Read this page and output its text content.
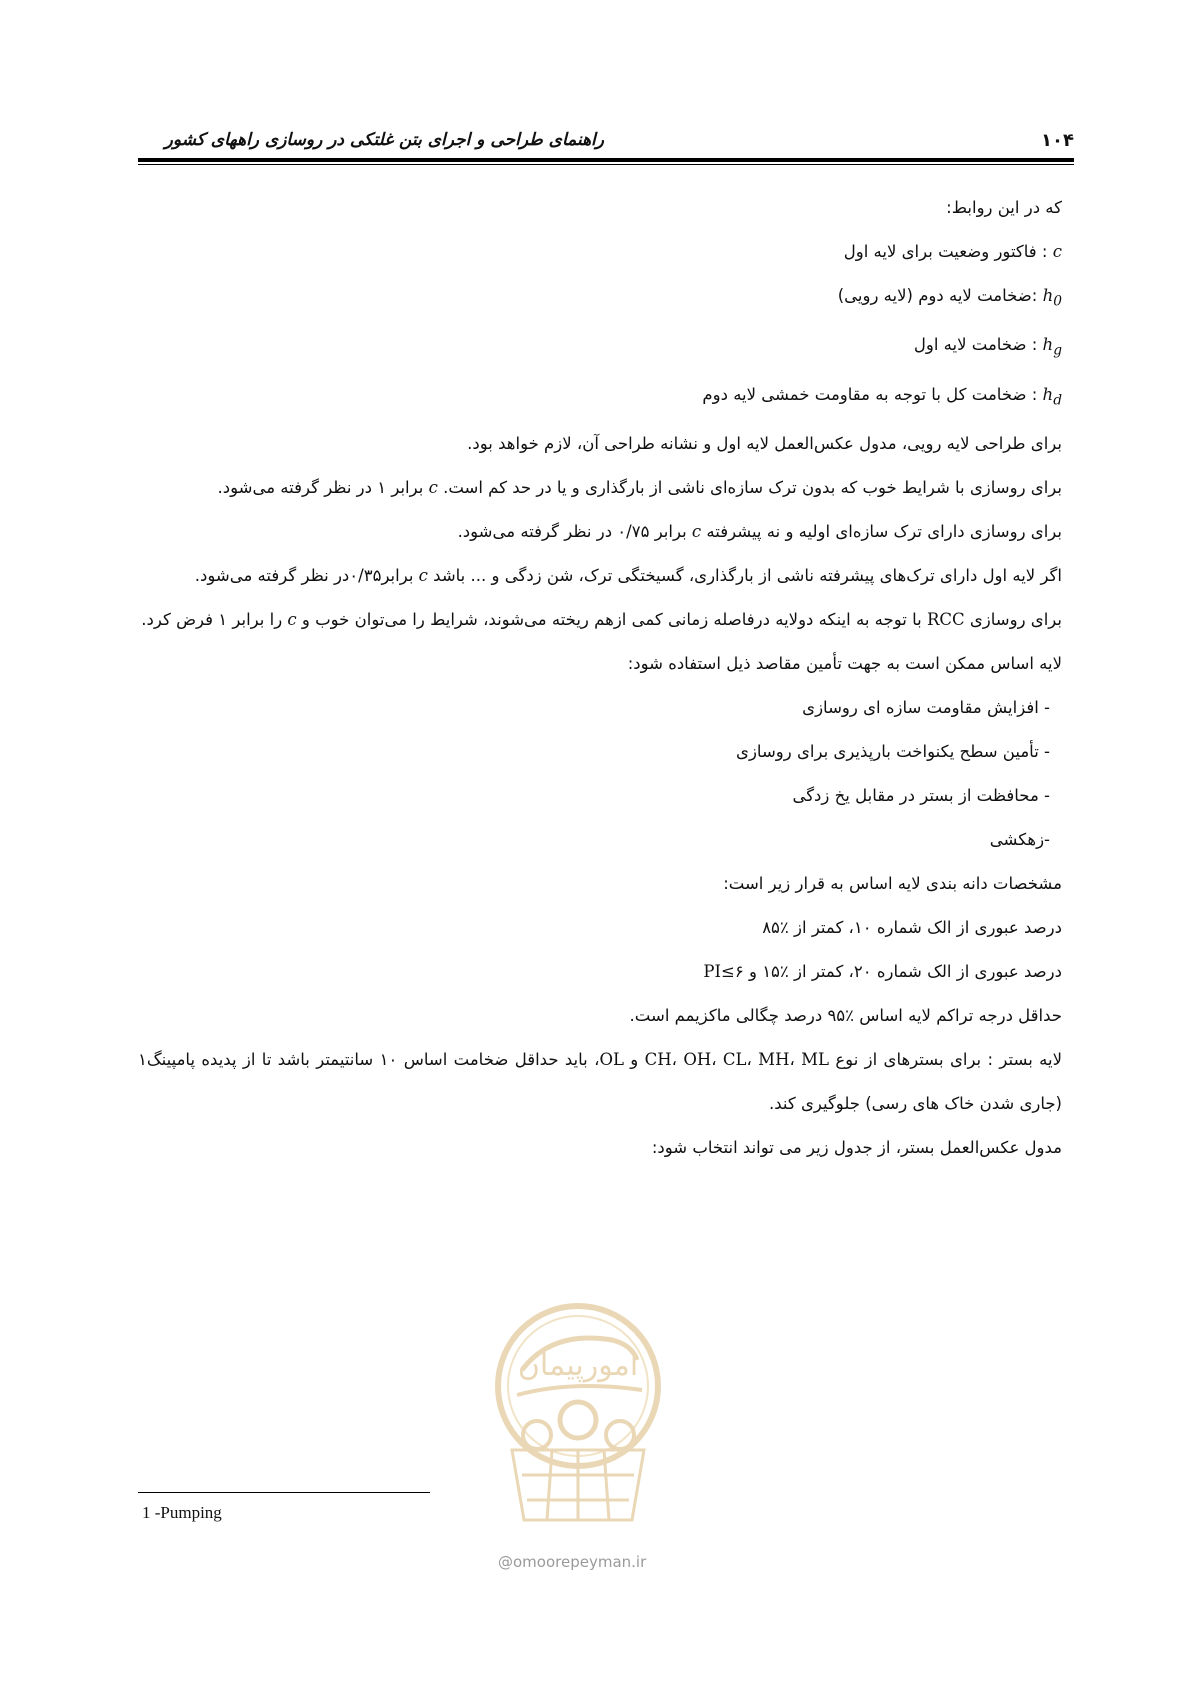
راهنمای طراحی و اجرای بتن غلتکی در روسازی راههای کشور	۱۰۴
که در این روابط:
c : فاکتور وضعیت برای لایه اول
$h_0$ :ضخامت لایه دوم (لایه رویی)
$h_g$ : ضخامت لایه اول
$h_d$ : ضخامت کل با توجه به مقاومت خمشی لایه دوم
برای طراحی لایه رویی، مدول عکس‌العمل لایه اول و نشانه طراحی آن، لازم خواهد بود.
برای روسازی با شرایط خوب که بدون ترک سازه‌ای ناشی از بارگذاری و یا در حد کم است. c برابر ۱ در نظر گرفته می‌شود.
برای روسازی دارای ترک سازه‌ای اولیه و نه پیشرفته c برابر ۰/۷۵ در نظر گرفته می‌شود.
اگر لایه اول دارای ترک‌های پیشرفته ناشی از بارگذاری، گسیختگی ترک، شن زدگی و ... باشد c برابر۰/۳۵در نظر گرفته می‌شود.
برای روسازی RCC با توجه به اینکه دولایه درفاصله زمانی کمی ازهم ریخته می‌شوند، شرایط را می‌توان خوب و c را برابر ۱ فرض کرد.
لایه اساس ممکن است به جهت تأمین مقاصد ذیل استفاده شود:
- افزایش مقاومت سازه ای روسازی
- تأمین سطح یکنواخت بارپذیری برای روسازی
- محافظت از بستر در مقابل یخ زدگی
-زهکشی
مشخصات دانه بندی لایه اساس به قرار زیر است:
درصد عبوری از الک شماره ۱۰، کمتر از ٪۸۵
درصد عبوری از الک شماره ۲۰، کمتر از ٪۱۵ و PI≤۶
حداقل درجه تراکم لایه اساس ٪۹۵ درصد چگالی ماکزیمم است.
لایه بستر : برای بسترهای از نوع CH، OH، CL، MH، ML و OL، باید حداقل ضخامت اساس ۱۰ سانتیمتر باشد تا از پدیده پامپینگ۱ (جاری شدن خاک های رسی) جلوگیری کند.
مدول عکس‌العمل بستر، از جدول زیر می تواند انتخاب شود:
امورپیمان
@omoorepeyman.ir
1 -Pumping
